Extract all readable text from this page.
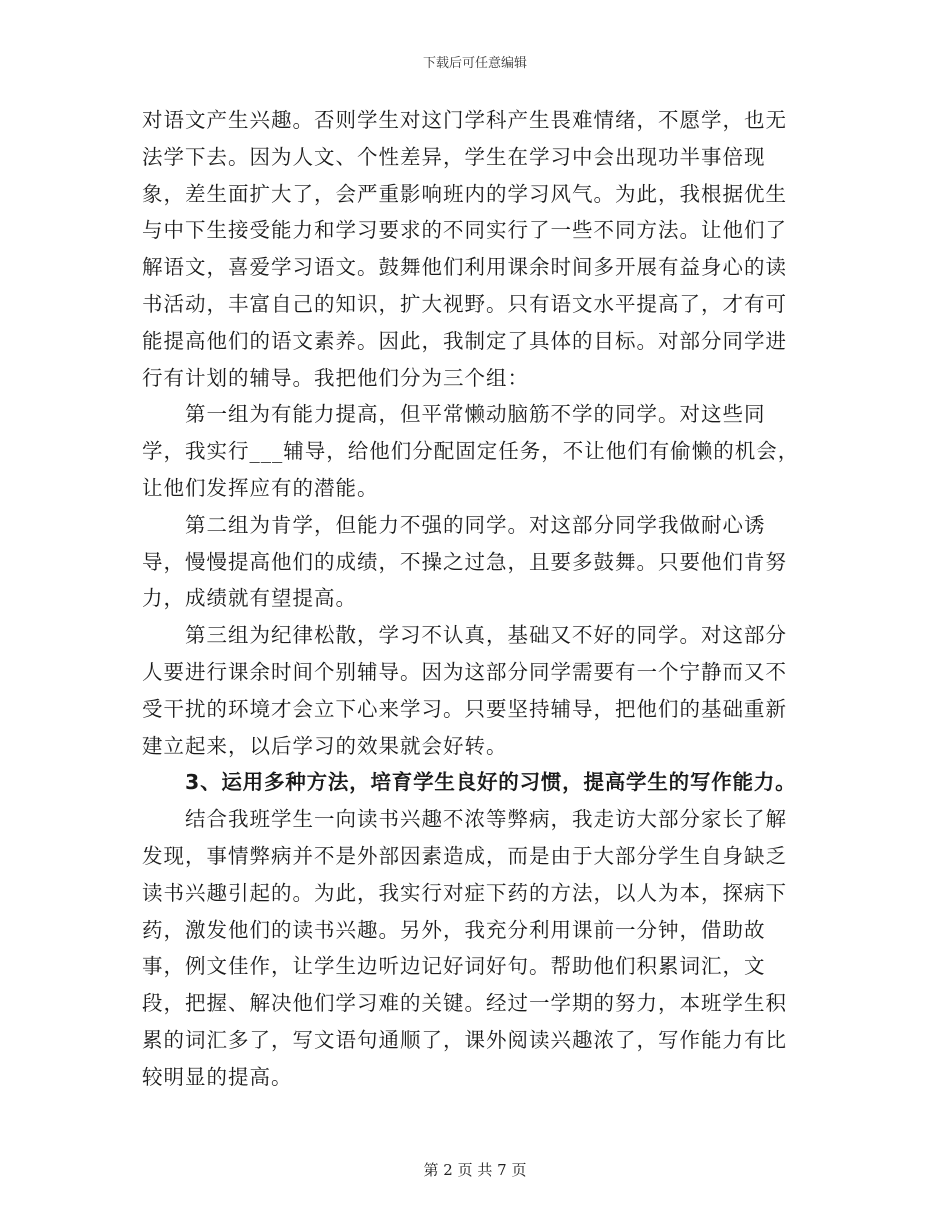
下载后可任意编辑

对语文产生兴趣。否则学生对这门学科产生畏难情绪，不愿学，也无法学下去。因为人文、个性差异，学生在学习中会出现功半事倍现象，差生面扩大了，会严重影响班内的学习风气。为此，我根据优生与中下生接受能力和学习要求的不同实行了一些不同方法。让他们了解语文，喜爱学习语文。鼓舞他们利用课余时间多开展有益身心的读书活动，丰富自己的知识，扩大视野。只有语文水平提高了，才有可能提高他们的语文素养。因此，我制定了具体的目标。对部分同学进行有计划的辅导。我把他们分为三个组：

第一组为有能力提高，但平常懒动脑筋不学的同学。对这些同学，我实行___辅导，给他们分配固定任务，不让他们有偷懒的机会，让他们发挥应有的潜能。

第二组为肯学，但能力不强的同学。对这部分同学我做耐心诱导，慢慢提高他们的成绩，不操之过急，且要多鼓舞。只要他们肯努力，成绩就有望提高。

第三组为纪律松散，学习不认真，基础又不好的同学。对这部分人要进行课余时间个别辅导。因为这部分同学需要有一个宁静而又不受干扰的环境才会立下心来学习。只要坚持辅导，把他们的基础重新建立起来，以后学习的效果就会好转。

3、运用多种方法，培育学生良好的习惯，提高学生的写作能力。

结合我班学生一向读书兴趣不浓等弊病，我走访大部分家长了解发现，事情弊病并不是外部因素造成，而是由于大部分学生自身缺乏读书兴趣引起的。为此，我实行对症下药的方法，以人为本，探病下药，激发他们的读书兴趣。另外，我充分利用课前一分钟，借助故事，例文佳作，让学生边听边记好词好句。帮助他们积累词汇，文段，把握、解决他们学习难的关键。经过一学期的努力，本班学生积累的词汇多了，写文语句通顺了，课外阅读兴趣浓了，写作能力有比较明显的提高。

第 2 页 共 7 页
